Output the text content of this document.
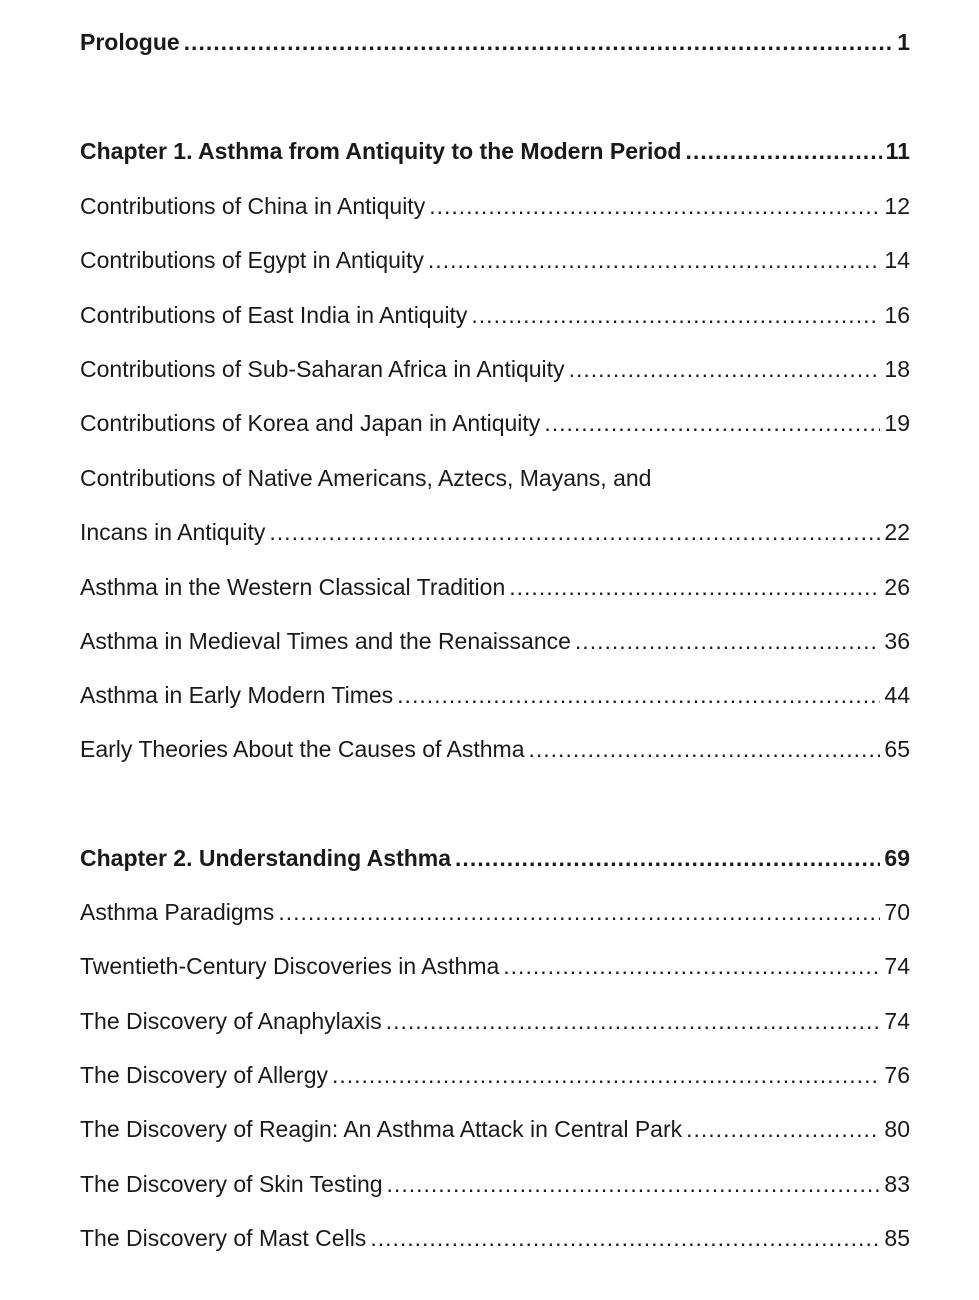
Prologue .....	1
Chapter 1. Asthma from Antiquity to the Modern Period .....	11
Contributions of China in Antiquity .....	12
Contributions of Egypt in Antiquity .....	14
Contributions of East India in Antiquity .....	16
Contributions of Sub-Saharan Africa in Antiquity .....	18
Contributions of Korea and Japan in Antiquity .....	19
Contributions of Native Americans, Aztecs, Mayans, and
Incans in Antiquity .....	22
Asthma in the Western Classical Tradition .....	26
Asthma in Medieval Times and the Renaissance .....	36
Asthma in Early Modern Times .....	44
Early Theories About the Causes of Asthma .....	65
Chapter 2. Understanding Asthma .....	69
Asthma Paradigms .....	70
Twentieth-Century Discoveries in Asthma .....	74
The Discovery of Anaphylaxis .....	74
The Discovery of Allergy .....	76
The Discovery of Reagin: An Asthma Attack in Central Park .....	80
The Discovery of Skin Testing .....	83
The Discovery of Mast Cells .....	85
